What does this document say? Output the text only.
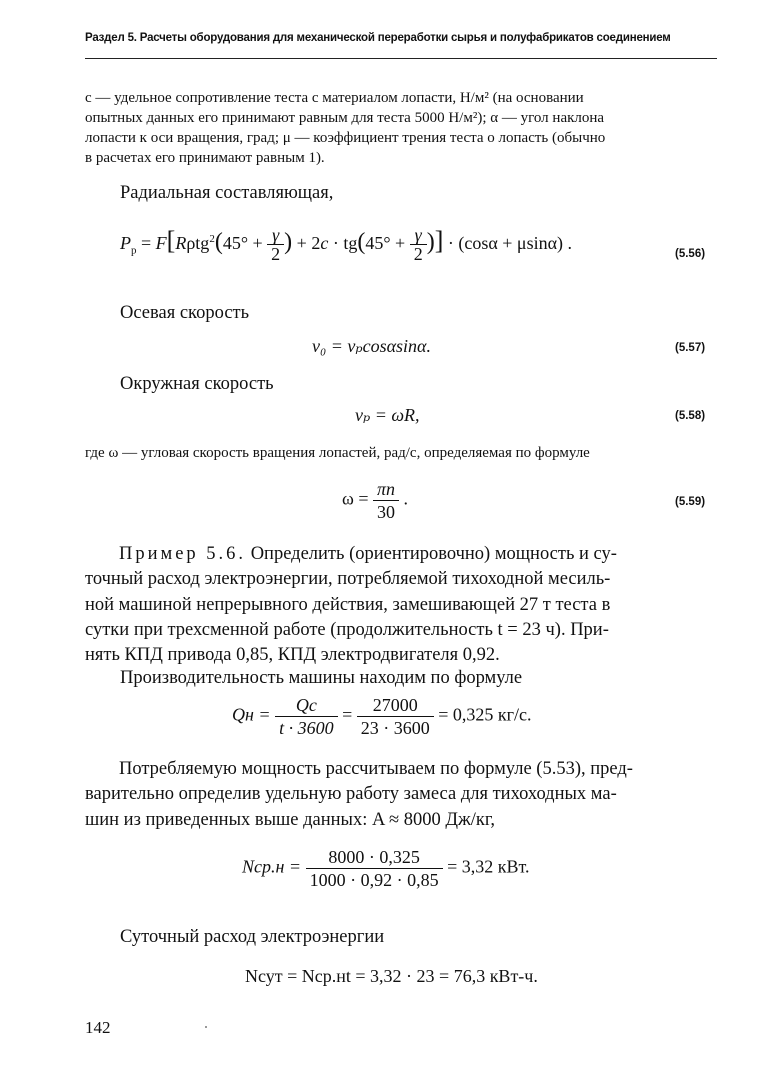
Раздел 5. Расчеты оборудования для механической переработки сырья и полуфабрикатов соединением

с — удельное сопротивление теста с материалом лопасти, Н/м² (на основании

опытных данных его принимают равным для теста 5000 Н/м²); α — угол наклона

лопасти к оси вращения, град; μ — коэффициент трения теста о лопасть (обычно

в расчетах его принимают равным 1).

Радиальная составляющая,
$P_р = F[R\rho tg^2(45^\circ + \frac{\gamma}{2}$ ) + $2c \cdot tg(45^\circ + \frac{\gamma}{2}$ )] · (cosα + μsinα) .
(5.56)
Осевая скорость
v₀ = vₚcosαsinα.	(5.57)
Окружная скорость
vₚ = ωR,	(5.58)
где ω — угловая скорость вращения лопастей, рад/с, определяемая по формуле
$\omega = \frac{\pi n}{30}$ .	(5.59)

Пример 5.6. Определить (ориентировочно) мощность и су-

точный расход электроэнергии, потребляемой тихоходной месиль-

ной машиной непрерывного действия, замешивающей 27 т теста в

сутки при трехсменной работе (продолжительность t = 23 ч). При-

нять КПД привода 0,85, КПД электродвигателя 0,92.

Производительность машины находим по формуле
Qн = $\frac{Qс}{t \cdot 3600} = \frac{27000}{23 \cdot 3600} = 0,325$ кг/с.

Потребляемую мощность рассчитываем по формуле (5.53), пред-

варительно определив удельную работу замеса для тихоходных ма-

шин из приведенных выше данных: A ≈ 8000 Дж/кг,

$Nср.н = \frac{8000 \cdot 0,325}{1000 \cdot 0,92 \cdot 0,85} = 3,32$ кВт.
Суточный расход электроэнергии
Nсут = Nср.нt = 3,32 · 23 = 76,3 кВт-ч.
142
